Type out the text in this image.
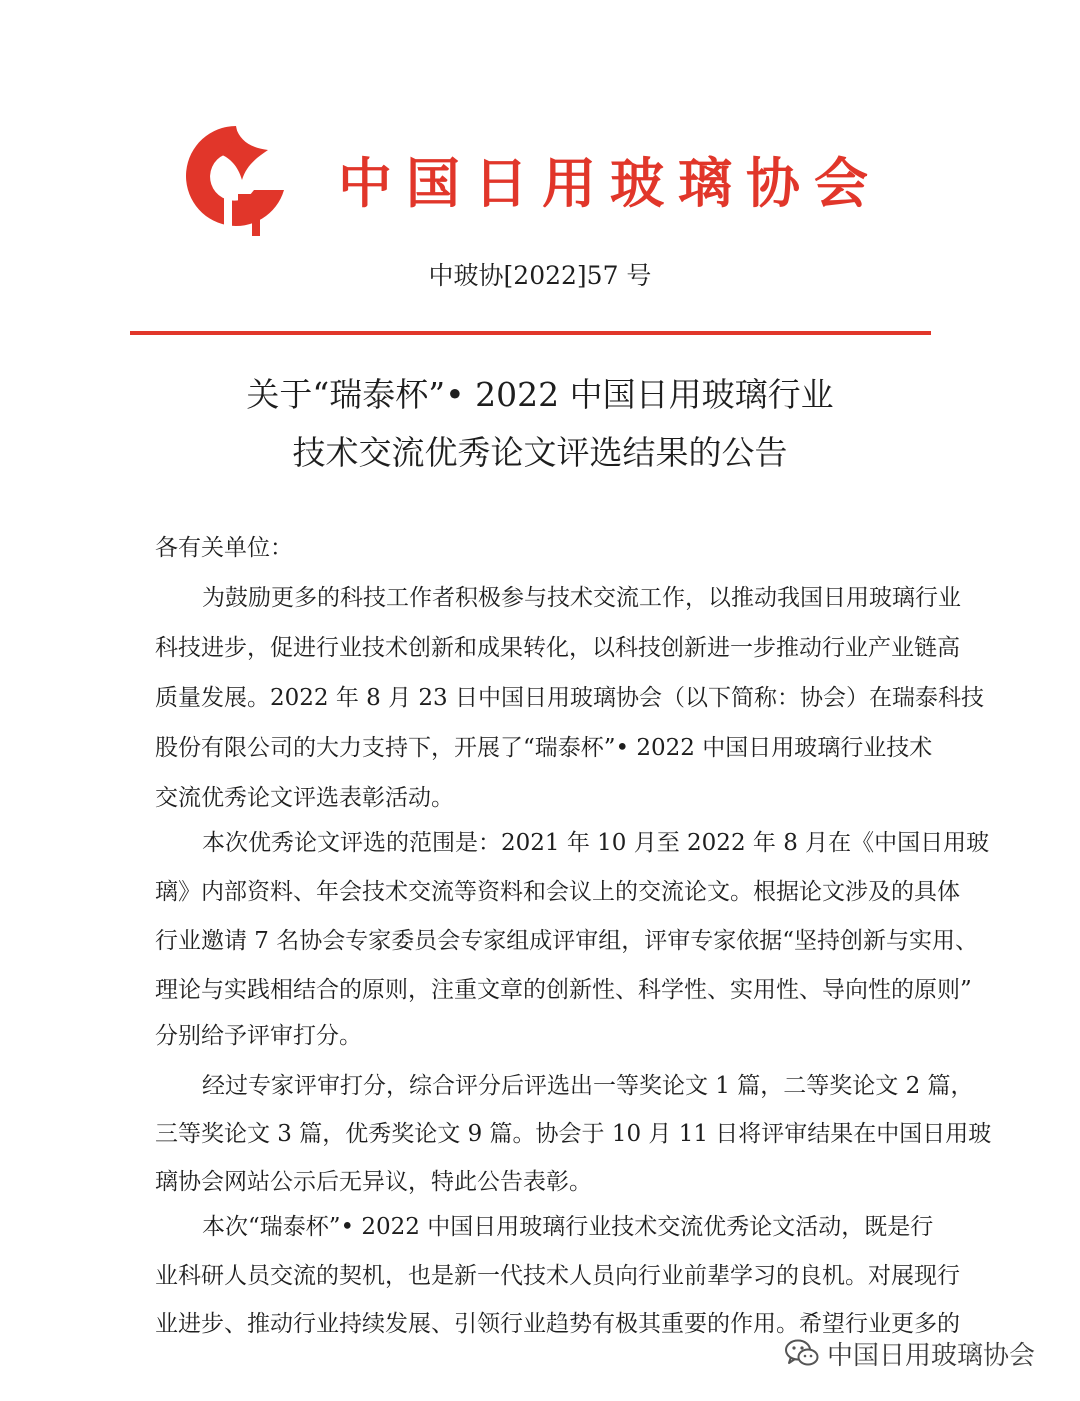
中国日用玻璃协会
中玻协[2022]57 号
关于“瑞泰杯”• 2022 中国日用玻璃行业
技术交流优秀论文评选结果的公告
各有关单位：
为鼓励更多的科技工作者积极参与技术交流工作，以推动我国日用玻璃行业
科技进步，促进行业技术创新和成果转化，以科技创新进一步推动行业产业链高
质量发展。2022 年 8 月 23 日中国日用玻璃协会（以下简称：协会）在瑞泰科技
股份有限公司的大力支持下，开展了“瑞泰杯”• 2022 中国日用玻璃行业技术
交流优秀论文评选表彰活动。
本次优秀论文评选的范围是：2021 年 10 月至 2022 年 8 月在《中国日用玻
璃》内部资料、年会技术交流等资料和会议上的交流论文。根据论文涉及的具体
行业邀请 7 名协会专家委员会专家组成评审组，评审专家依据“坚持创新与实用、
理论与实践相结合的原则，注重文章的创新性、科学性、实用性、导向性的原则”
分别给予评审打分。
经过专家评审打分，综合评分后评选出一等奖论文 1 篇，二等奖论文 2 篇，
三等奖论文 3 篇，优秀奖论文 9 篇。协会于 10 月 11 日将评审结果在中国日用玻
璃协会网站公示后无异议，特此公告表彰。
本次“瑞泰杯”• 2022 中国日用玻璃行业技术交流优秀论文活动，既是行
业科研人员交流的契机，也是新一代技术人员向行业前辈学习的良机。对展现行
业进步、推动行业持续发展、引领行业趋势有极其重要的作用。希望行业更多的
中国日用玻璃协会
